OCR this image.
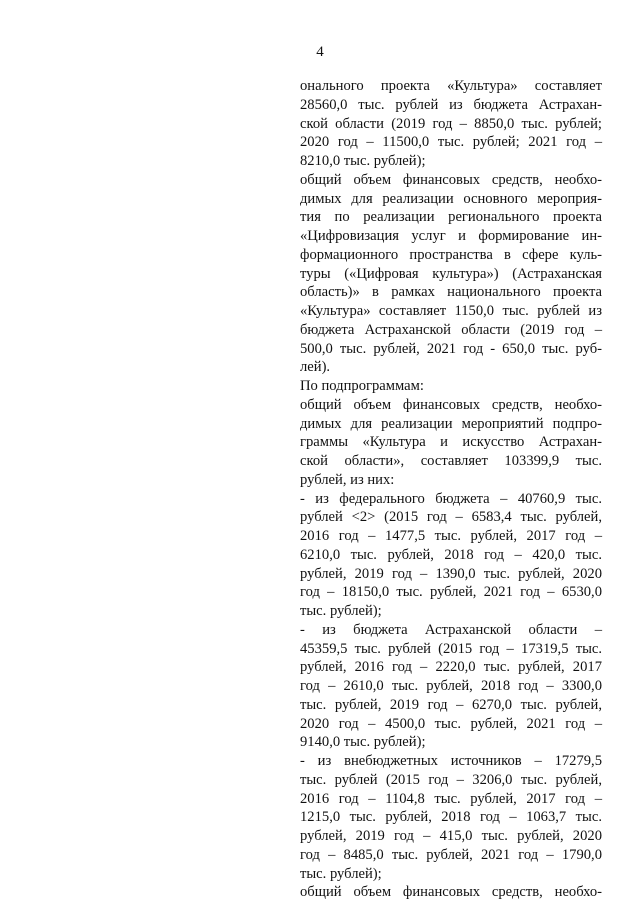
4
онального проекта «Культура» составляет
28560,0 тыс. рублей из бюджета Астрахан-
ской области (2019 год – 8850,0 тыс. рублей;
2020 год – 11500,0 тыс. рублей; 2021 год –
8210,0 тыс. рублей);
общий объем финансовых средств, необхо-
димых для реализации основного мероприя-
тия по реализации регионального проекта
«Цифровизация услуг и формирование ин-
формационного пространства в сфере куль-
туры («Цифровая культура») (Астраханская
область)» в рамках национального проекта
«Культура» составляет 1150,0 тыс. рублей из
бюджета Астраханской области (2019 год –
500,0 тыс. рублей, 2021 год - 650,0 тыс. руб-
лей).
По подпрограммам:
общий объем финансовых средств, необхо-
димых для реализации мероприятий подпро-
граммы «Культура и искусство Астрахан-
ской области», составляет 103399,9 тыс.
рублей, из них:
- из федерального бюджета – 40760,9 тыс.
рублей <2> (2015 год – 6583,4 тыс. рублей,
2016 год – 1477,5 тыс. рублей, 2017 год –
6210,0 тыс. рублей, 2018 год – 420,0 тыс.
рублей, 2019 год – 1390,0 тыс. рублей, 2020
год – 18150,0 тыс. рублей, 2021 год – 6530,0
тыс. рублей);
- из бюджета Астраханской области –
45359,5 тыс. рублей (2015 год – 17319,5 тыс.
рублей, 2016 год – 2220,0 тыс. рублей, 2017
год – 2610,0 тыс. рублей, 2018 год – 3300,0
тыс. рублей, 2019 год – 6270,0 тыс. рублей,
2020 год – 4500,0 тыс. рублей, 2021 год –
9140,0 тыс. рублей);
- из внебюджетных источников – 17279,5
тыс. рублей (2015 год – 3206,0 тыс. рублей,
2016 год – 1104,8 тыс. рублей, 2017 год –
1215,0 тыс. рублей, 2018 год – 1063,7 тыс.
рублей, 2019 год – 415,0 тыс. рублей, 2020
год – 8485,0 тыс. рублей, 2021 год – 1790,0
тыс. рублей);
общий объем финансовых средств, необхо-
